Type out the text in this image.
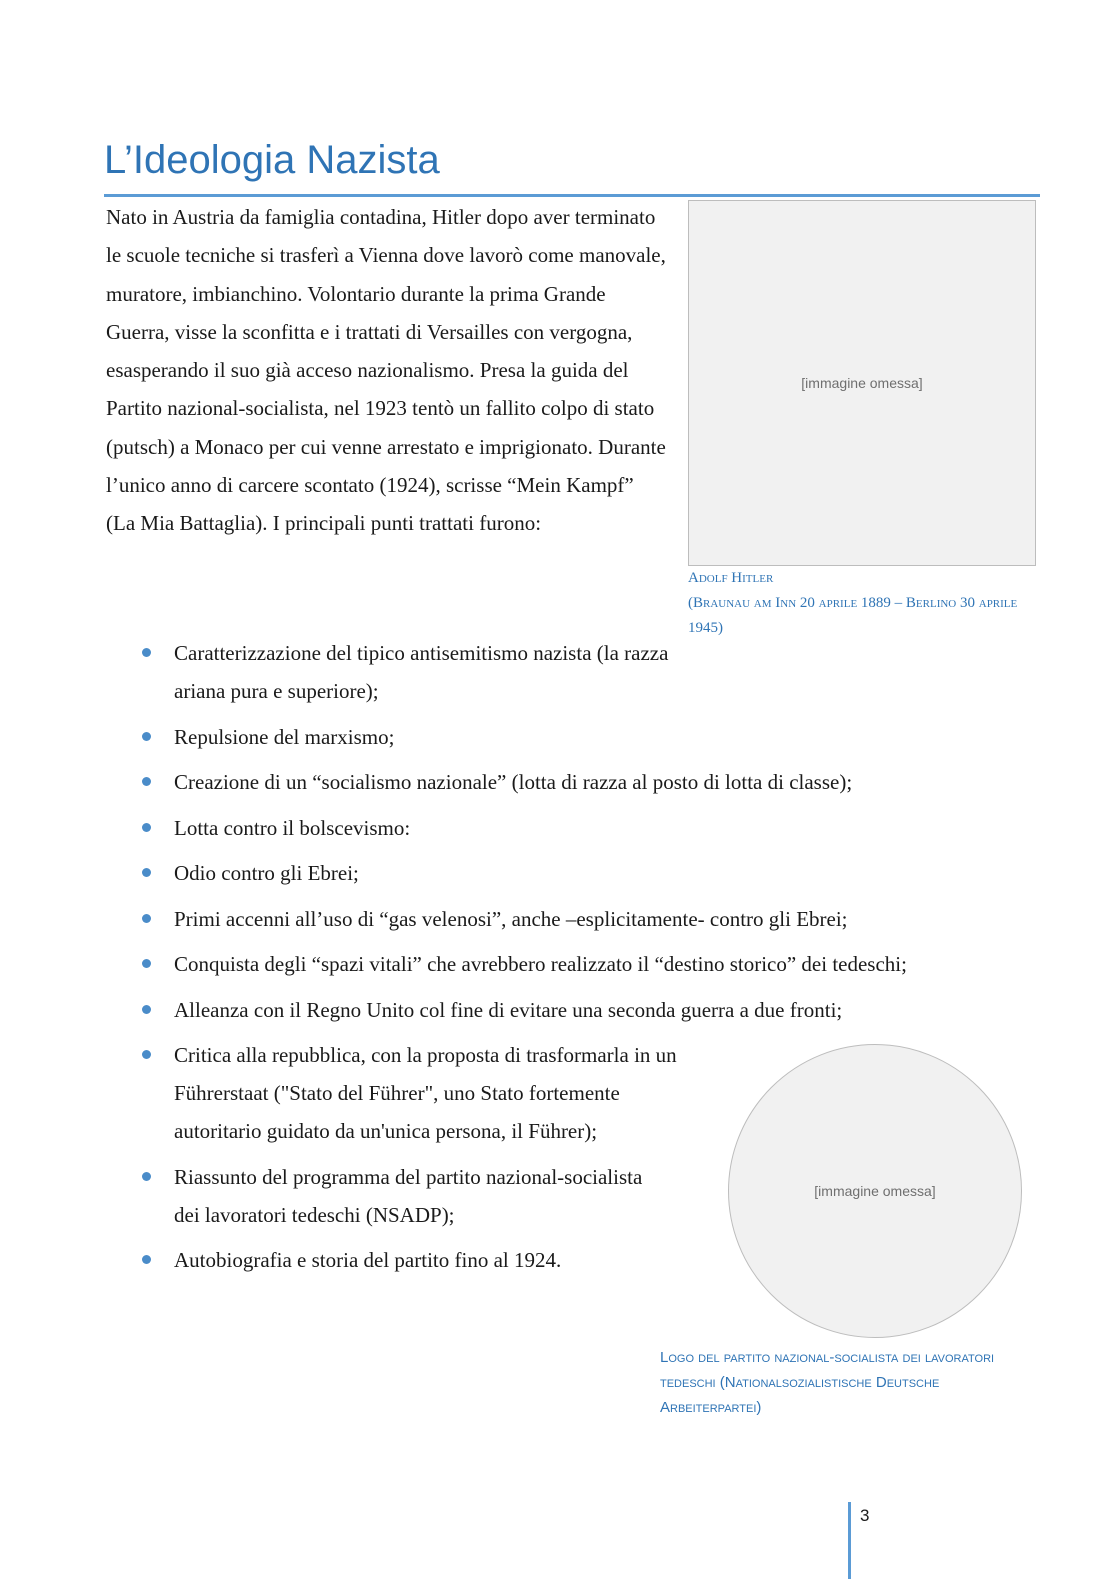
L’Ideologia Nazista

Nato in Austria da famiglia contadina, Hitler dopo aver terminato le scuole tecniche si trasferì a Vienna dove lavorò come manovale, muratore, imbianchino. Volontario durante la prima Grande Guerra, visse la sconfitta e i trattati di Versailles con vergogna, esasperando il suo già acceso nazionalismo. Presa la guida del Partito nazional-socialista, nel 1923 tentò un fallito colpo di stato (putsch) a Monaco per cui venne arrestato e imprigionato. Durante l’unico anno di carcere scontato (1924), scrisse “Mein Kampf” (La Mia Battaglia). I principali punti trattati furono:

[immagine omessa]
Adolf Hitler
(Braunau am Inn 20 aprile 1889 – Berlino 30 aprile 1945)
Caratterizzazione del tipico antisemitismo nazista (la razza ariana pura e superiore);
Repulsione del marxismo;
Creazione di un “socialismo nazionale” (lotta di razza al posto di lotta di classe);
Lotta contro il bolscevismo:
Odio contro gli Ebrei;
Primi accenni all’uso di “gas velenosi”, anche –esplicitamente- contro gli Ebrei;
Conquista degli “spazi vitali” che avrebbero realizzato il “destino storico” dei tedeschi;
Alleanza con il Regno Unito col fine di evitare una seconda guerra a due fronti;
Critica alla repubblica, con la proposta di trasformarla in un Führerstaat ("Stato del Führer", uno Stato fortemente autoritario guidato da un'unica persona, il Führer);
Riassunto del programma del partito nazional-socialista dei lavoratori tedeschi (NSADP);
Autobiografia e storia del partito fino al 1924.
[immagine omessa]
Logo del partito nazional-socialista dei lavoratori tedeschi (Nationalsozialistische Deutsche Arbeiterpartei)
3
